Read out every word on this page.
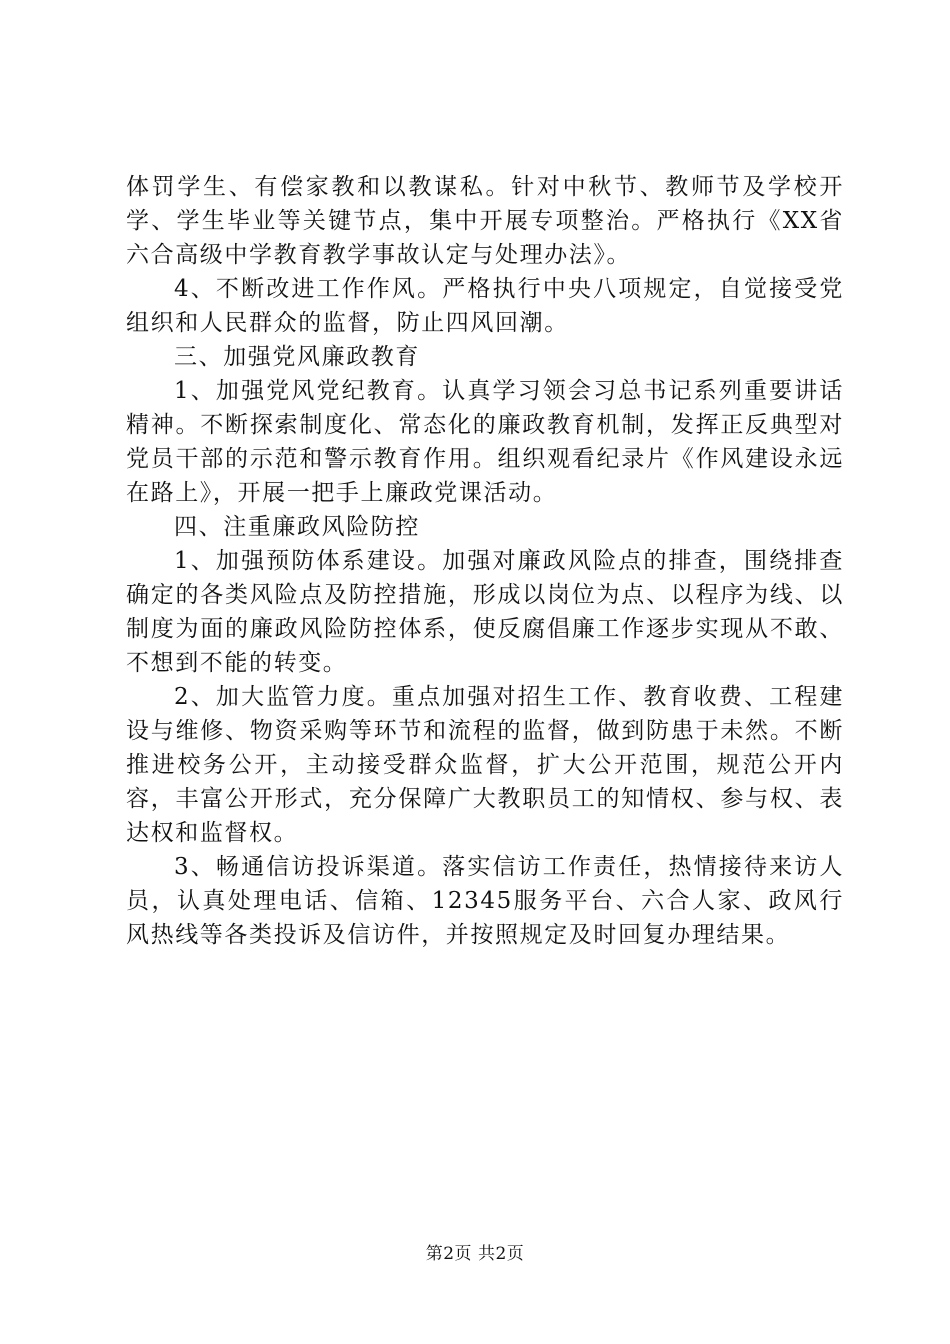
体罚学生、有偿家教和以教谋私。针对中秋节、教师节及学校开学、学生毕业等关键节点，集中开展专项整治。严格执行《XX省六合高级中学教育教学事故认定与处理办法》。

4、不断改进工作作风。严格执行中央八项规定，自觉接受党组织和人民群众的监督，防止四风回潮。

三、加强党风廉政教育

1、加强党风党纪教育。认真学习领会习总书记系列重要讲话精神。不断探索制度化、常态化的廉政教育机制，发挥正反典型对党员干部的示范和警示教育作用。组织观看纪录片《作风建设永远在路上》，开展一把手上廉政党课活动。

四、注重廉政风险防控

1、加强预防体系建设。加强对廉政风险点的排查，围绕排查确定的各类风险点及防控措施，形成以岗位为点、以程序为线、以制度为面的廉政风险防控体系，使反腐倡廉工作逐步实现从不敢、不想到不能的转变。

2、加大监管力度。重点加强对招生工作、教育收费、工程建设与维修、物资采购等环节和流程的监督，做到防患于未然。不断推进校务公开，主动接受群众监督，扩大公开范围，规范公开内容，丰富公开形式，充分保障广大教职员工的知情权、参与权、表达权和监督权。

3、畅通信访投诉渠道。落实信访工作责任，热情接待来访人员，认真处理电话、信箱、12345服务平台、六合人家、政风行风热线等各类投诉及信访件，并按照规定及时回复办理结果。

第2页 共2页
